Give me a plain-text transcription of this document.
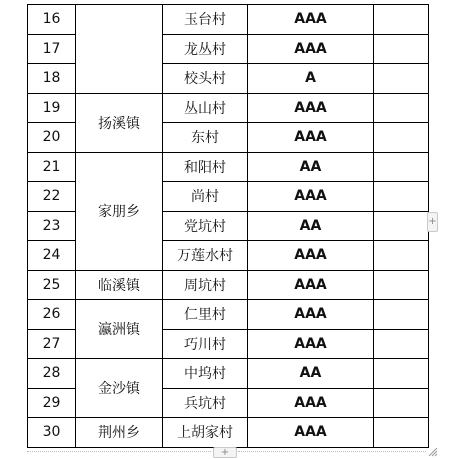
16		玉台村	AAA	
17		龙丛村	AAA	
18		校头村	A	
19	扬溪镇	丛山村	AAA	
20		东村	AAA	
21	家朋乡	和阳村	AA	
22		尚村	AAA	
23		党坑村	AA	
24		万莲水村	AAA	
25	临溪镇	周坑村	AAA	
26	瀛洲镇	仁里村	AAA	
27		巧川村	AAA	
28	金沙镇	中坞村	AA	
29		兵坑村	AAA	
30	荆州乡	上胡家村	AAA	
+
+
